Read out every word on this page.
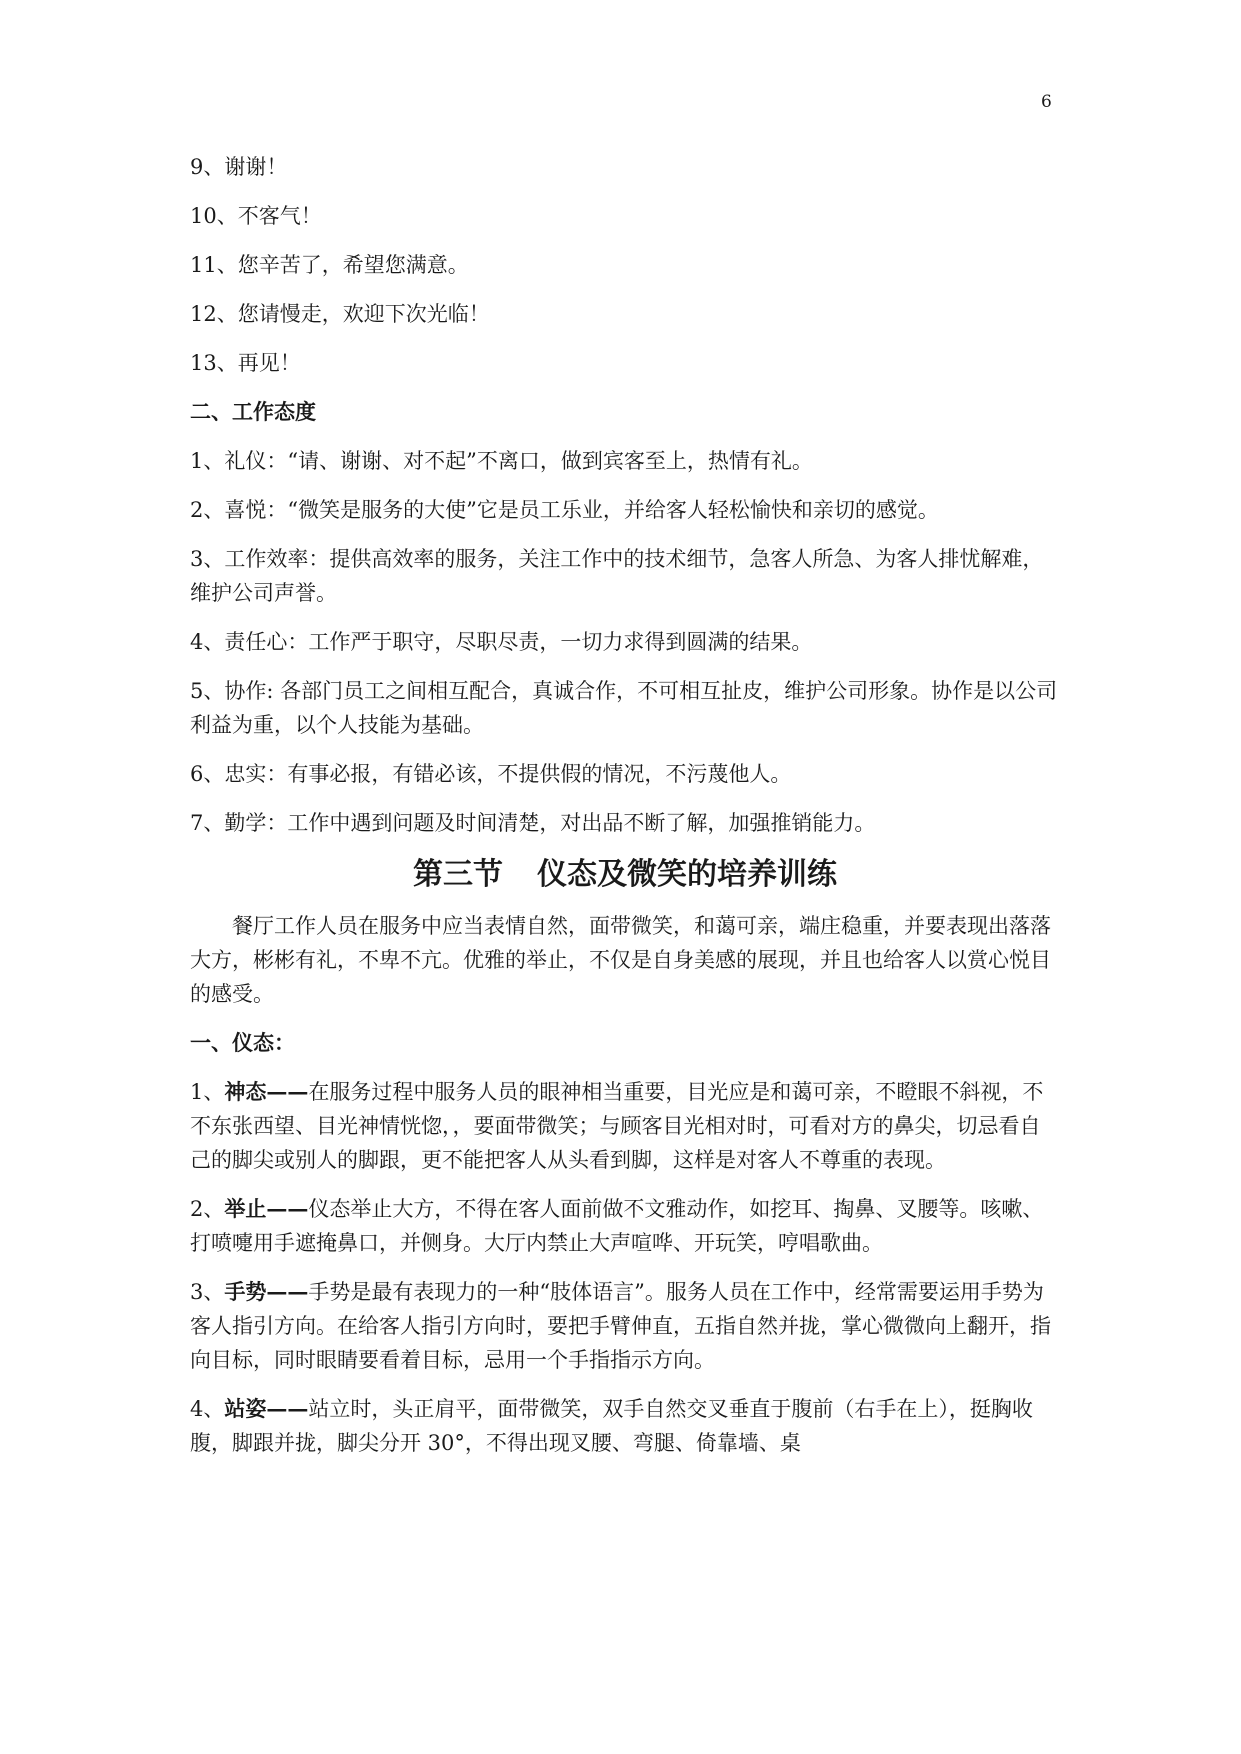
6
9、谢谢！
10、不客气！
11、您辛苦了，希望您满意。
12、您请慢走，欢迎下次光临！
13、再见！
二、工作态度
1、礼仪：“请、谢谢、对不起”不离口，做到宾客至上，热情有礼。
2、喜悦：“微笑是服务的大使”它是员工乐业，并给客人轻松愉快和亲切的感觉。
3、工作效率：提供高效率的服务，关注工作中的技术细节，急客人所急、为客人排忧解难，维护公司声誉。
4、责任心：工作严于职守，尽职尽责，一切力求得到圆满的结果。
5、协作: 各部门员工之间相互配合，真诚合作，不可相互扯皮，维护公司形象。协作是以公司利益为重，以个人技能为基础。
6、忠实：有事必报，有错必该，不提供假的情况，不污蔑他人。
7、勤学：工作中遇到问题及时间清楚，对出品不断了解，加强推销能力。
第三节 仪态及微笑的培养训练
餐厅工作人员在服务中应当表情自然，面带微笑，和蔼可亲，端庄稳重，并要表现出落落大方，彬彬有礼，不卑不亢。优雅的举止，不仅是自身美感的展现，并且也给客人以赏心悦目的感受。
一、仪态：
1、神态——在服务过程中服务人员的眼神相当重要，目光应是和蔼可亲，不瞪眼不斜视，不不东张西望、目光神情恍惚，，要面带微笑；与顾客目光相对时，可看对方的鼻尖，切忌看自己的脚尖或别人的脚跟，更不能把客人从头看到脚，这样是对客人不尊重的表现。
2、举止——仪态举止大方，不得在客人面前做不文雅动作，如挖耳、掏鼻、叉腰等。咳嗽、打喷嚏用手遮掩鼻口，并侧身。大厅内禁止大声喧哗、开玩笑，哼唱歌曲。
3、手势——手势是最有表现力的一种“肢体语言”。服务人员在工作中，经常需要运用手势为客人指引方向。在给客人指引方向时，要把手臂伸直，五指自然并拢，掌心微微向上翻开，指向目标，同时眼睛要看着目标，忌用一个手指指示方向。
4、站姿——站立时，头正肩平，面带微笑，双手自然交叉垂直于腹前（右手在上），挺胸收腹，脚跟并拢，脚尖分开 30°，不得出现叉腰、弯腿、倚靠墙、桌
